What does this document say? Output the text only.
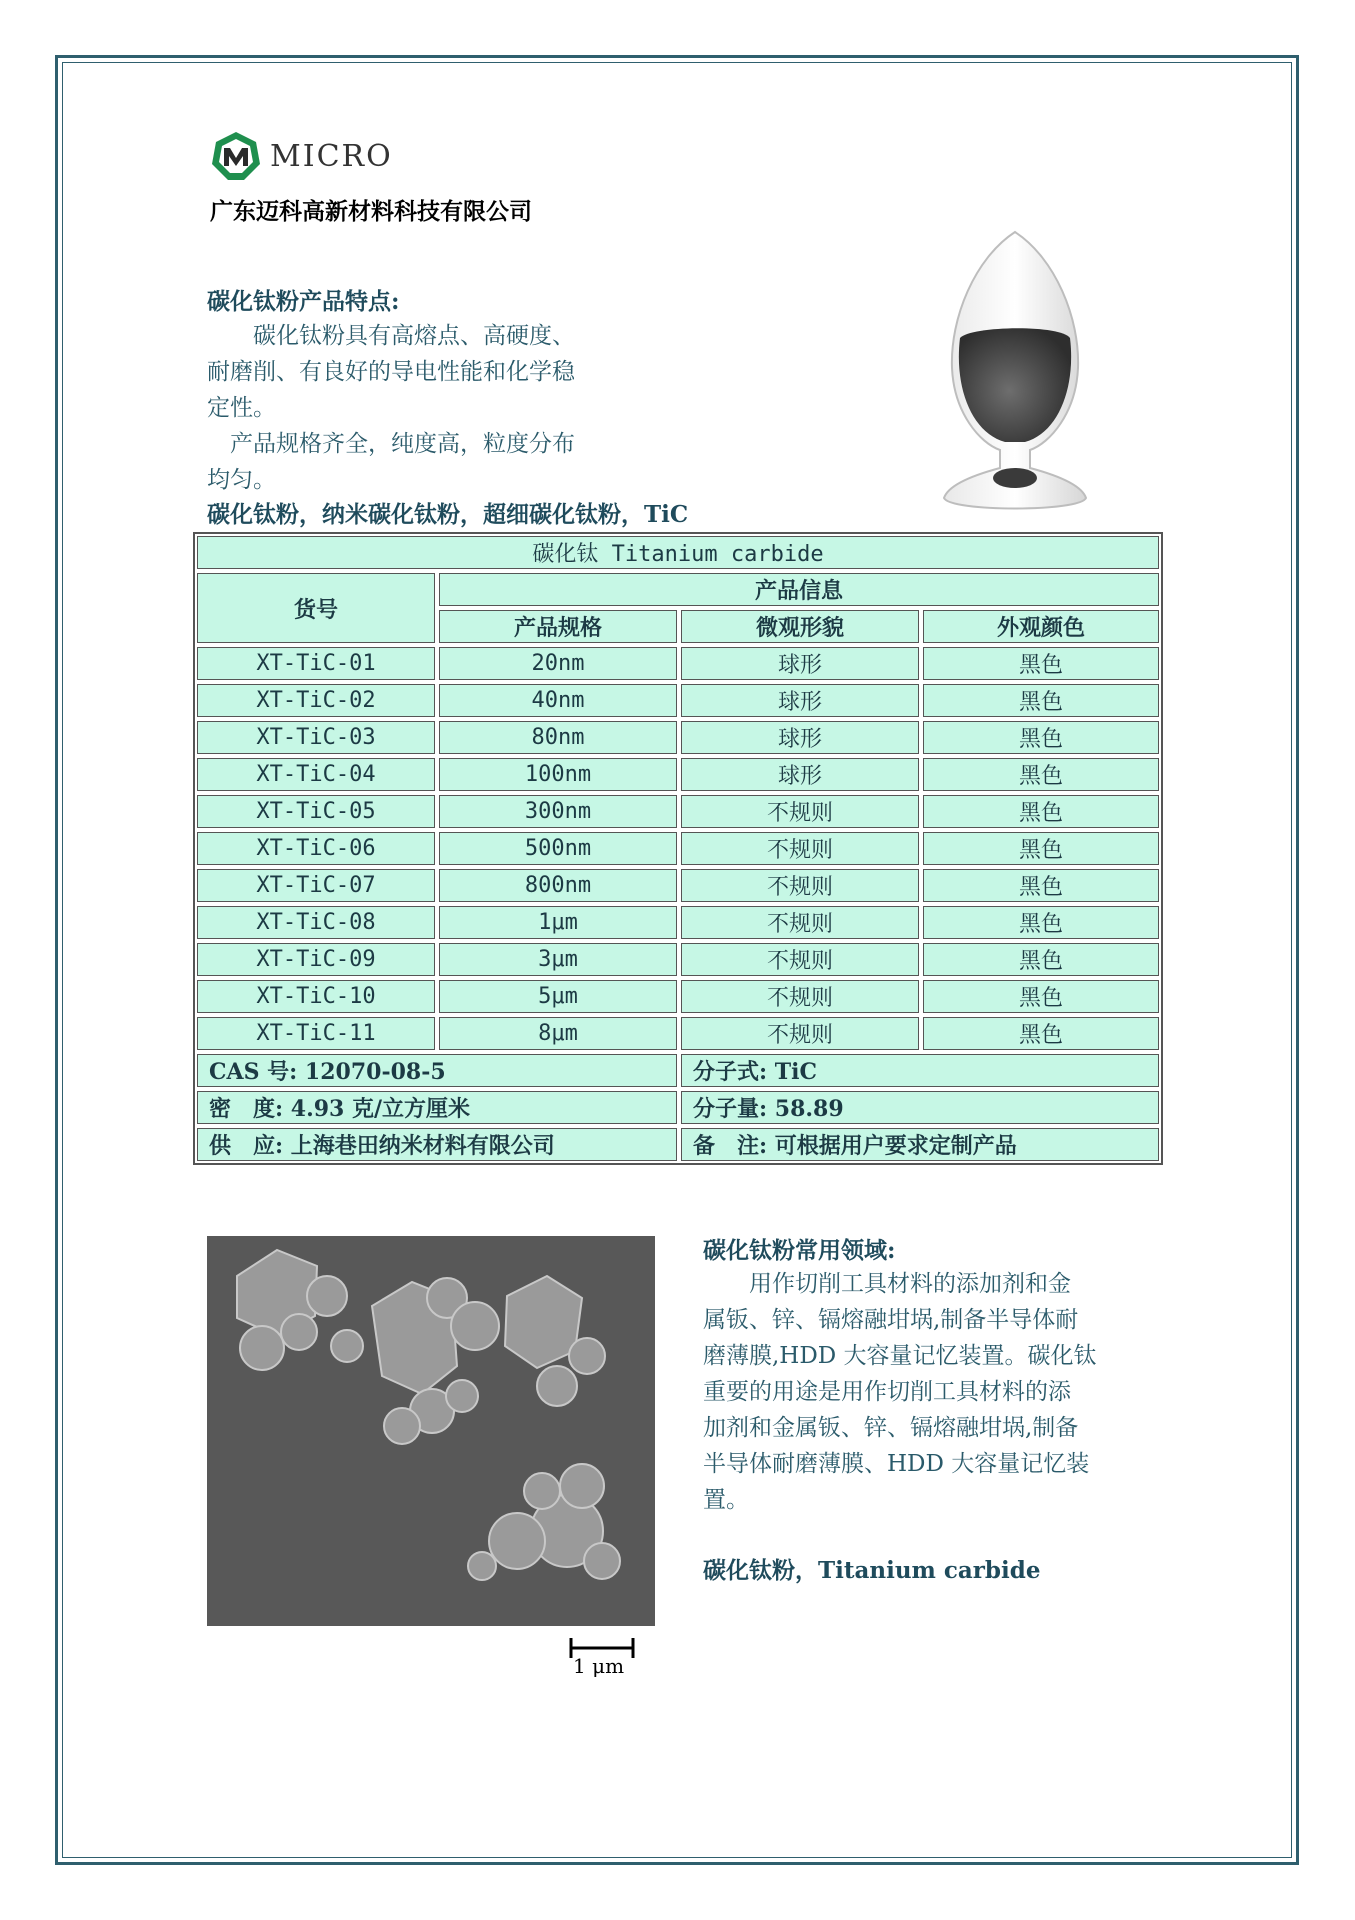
MICRO
广东迈科高新材料科技有限公司
碳化钛粉产品特点:

　　碳化钛粉具有高熔点、高硬度、

耐磨削、有良好的导电性能和化学稳

定性。

　产品规格齐全，纯度高，粒度分布

均匀。

碳化钛粉，纳米碳化钛粉，超细碳化钛粉，TiC
碳化钛 Titanium carbide			
货号	产品信息		
	产品规格	微观形貌	外观颜色
XT-TiC-01	20nm	球形	黑色
XT-TiC-02	40nm	球形	黑色
XT-TiC-03	80nm	球形	黑色
XT-TiC-04	100nm	球形	黑色
XT-TiC-05	300nm	不规则	黑色
XT-TiC-06	500nm	不规则	黑色
XT-TiC-07	800nm	不规则	黑色
XT-TiC-08	1μm	不规则	黑色
XT-TiC-09	3μm	不规则	黑色
XT-TiC-10	5μm	不规则	黑色
XT-TiC-11	8μm	不规则	黑色
CAS 号: 12070-08-5		分子式: TiC	
密　度: 4.93 克/立方厘米		分子量: 58.89	
供　应: 上海巷田纳米材料有限公司		备　注: 可根据用户要求定制产品	
1 μm
碳化钛粉常用领域:

　　用作切削工具材料的添加剂和金

属钣、锌、镉熔融坩埚,制备半导体耐

磨薄膜,HDD 大容量记忆装置。碳化钛

重要的用途是用作切削工具材料的添

加剂和金属钣、锌、镉熔融坩埚,制备

半导体耐磨薄膜、HDD 大容量记忆装

置。

碳化钛粉，Titanium carbide
